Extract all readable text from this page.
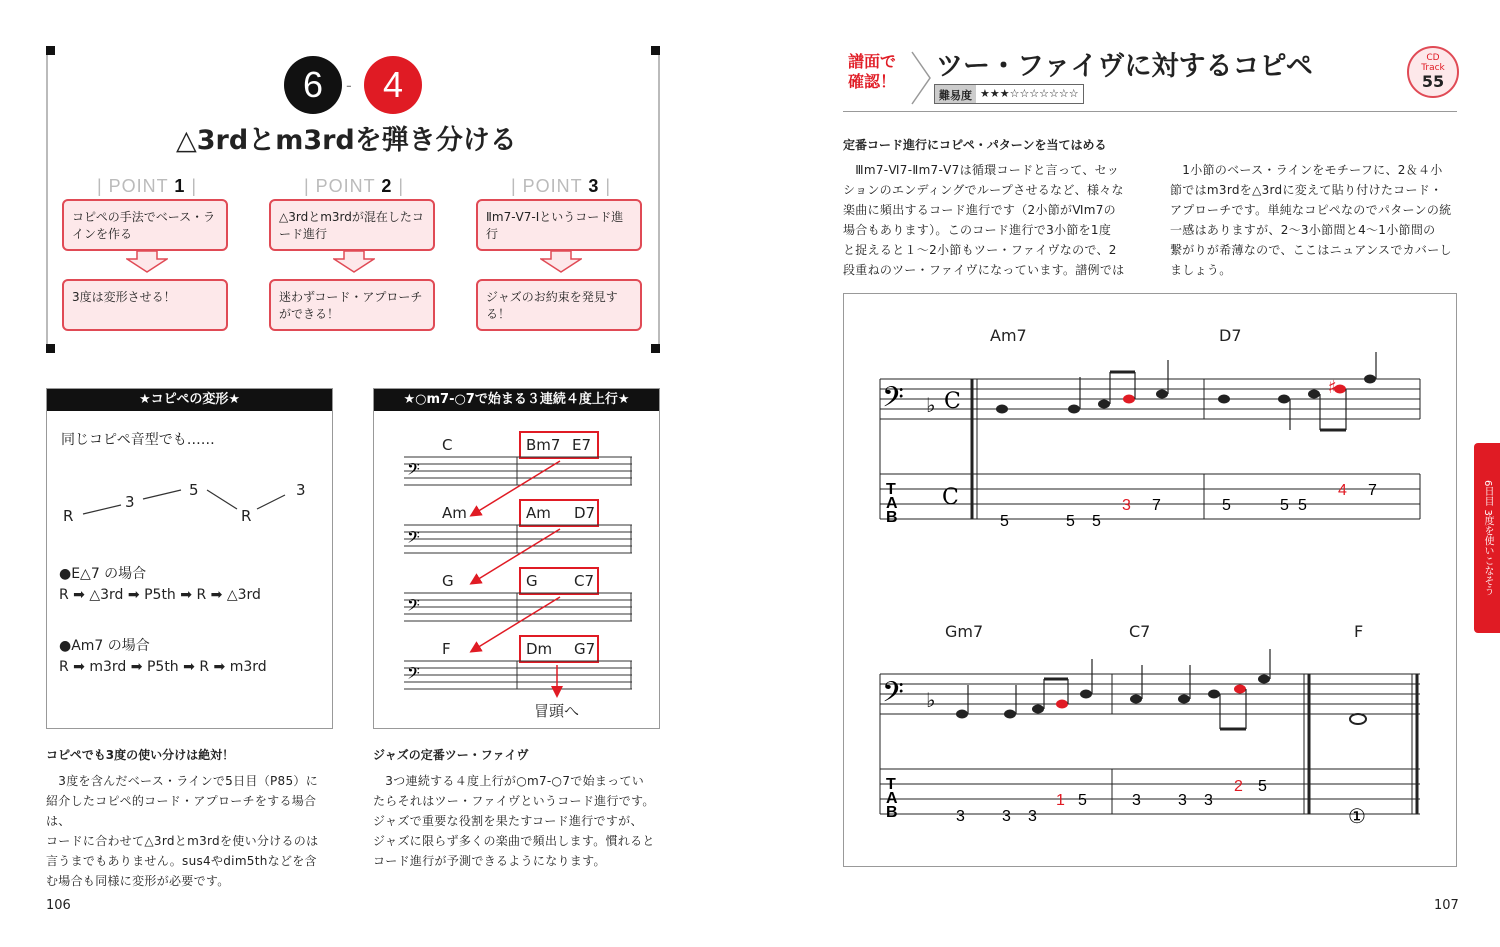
6	- 4
△3rdとm3rdを弾き分ける
| POINT 1 |
コピペの手法でベース・ラインを作る
3度は変形させる！
| POINT 2 |
△3rdとm3rdが混在したコード進行
迷わずコード・アプローチができる！
| POINT 3 |
Ⅱm7-Ⅴ7-Ⅰというコード進行
ジャズのお約束を発見する！
★コピペの変形★
同じコピペ音型でも……
R
3
5
R
3
●E△7 の場合
R ➡ △3rd ➡ P5th ➡ R ➡ △3rd
●Am7 の場合
R ➡ m3rd ➡ P5th ➡ R ➡ m3rd
★○m7-○7で始まる３連続４度上行★
C	Bm7 E7
𝄢
Am	Am D7
𝄢
G	G C7
𝄢
F	Dm G7
𝄢
冒頭へ
コピペでも3度の使い分けは絶対！
　3度を含んだベース・ラインで5日目（P85）に
紹介したコピペ的コード・アプローチをする場合は、
コードに合わせて△3rdとm3rdを使い分けるのは
言うまでもありません。sus4やdim5thなどを含
む場合も同様に変形が必要です。
ジャズの定番ツー・ファイヴ
　3つ連続する４度上行が○m7-○7で始まってい
たらそれはツー・ファイヴというコード進行です。
ジャズで重要な役割を果たすコード進行ですが、
ジャズに限らず多くの楽曲で頻出します。慣れると
コード進行が予測できるようになります。
106
譜面で確認！	ツー・ファイヴに対するコピペ
難易度 ★★★☆☆☆☆☆☆☆
CD
Track
55
定番コード進行にコピペ・パターンを当てはめる
　Ⅲm7-Ⅵ7-Ⅱm7-Ⅴ7は循環コードと言って、セッ
ションのエンディングでループさせるなど、様々な
楽曲に頻出するコード進行です（2小節がⅥm7の
場合もあります）。このコード進行で3小節を1度
と捉えると１～2小節もツー・ファイヴなので、2
段重ねのツー・ファイヴになっています。譜例では
　1小節のベース・ラインをモチーフに、2＆４小
節ではm3rdを△3rdに変えて貼り付けたコード・
アプローチです。単純なコピペなのでパターンの統
一感はありますが、2～3小節間と4～1小節間の
繋がりが希薄なので、ここはニュアンスでカバーし
ましょう。
6日目 3度を使いこなそう
Am7	D7
𝄢 ♭ C
T
A
B
C
♯
5	5 5
3 7	5	5 5
4 7
Gm7	C7	F
𝄢 ♭
T
A
B	3 3 3
1 5	3 3 3
2 5
①
107
